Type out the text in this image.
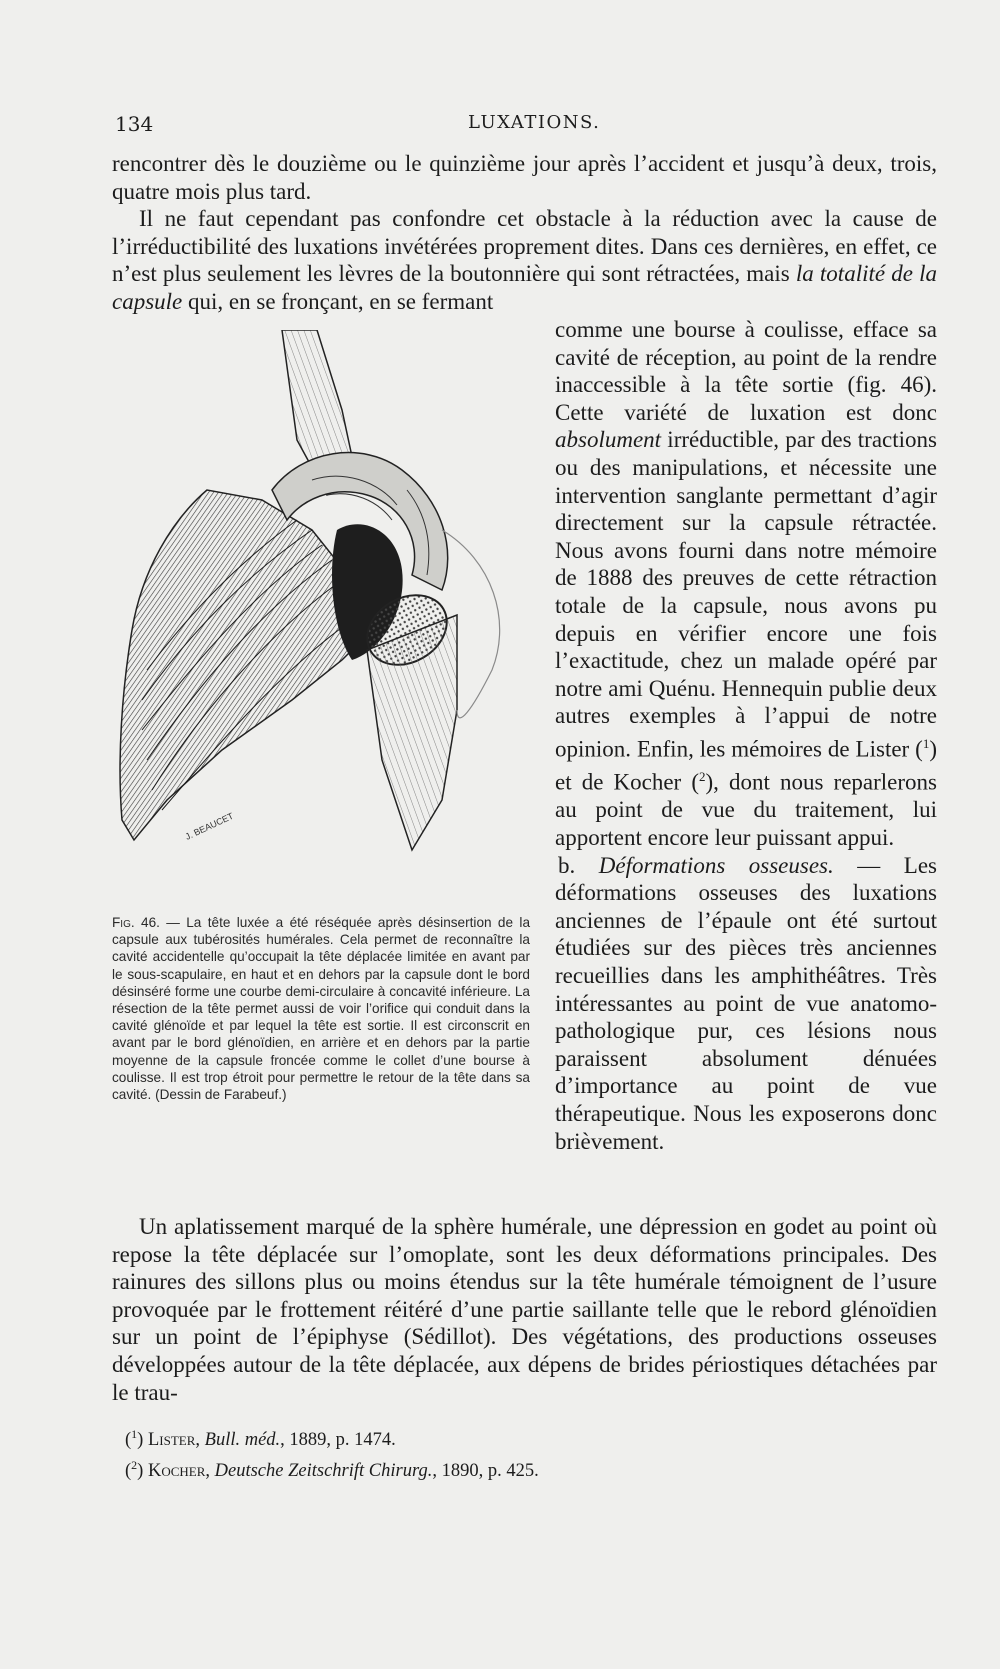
134	LUXATIONS.

rencontrer dès le douzième ou le quinzième jour après l’accident et jusqu’à deux, trois, quatre mois plus tard.

Il ne faut cependant pas confondre cet obstacle à la réduction avec la cause de l’irréductibilité des luxations invétérées proprement dites. Dans ces dernières, en effet, ce n’est plus seulement les lèvres de la boutonnière qui sont rétractées, mais la totalité de la capsule qui, en se fronçant, en se fermant

comme une bourse à coulisse, efface sa cavité de réception, au point de la rendre inaccessible à la tête sortie (fig. 46). Cette variété de luxation est donc absolument irréductible, par des tractions ou des manipulations, et nécessite une intervention sanglante permettant d’agir directement sur la capsule rétractée. Nous avons fourni dans notre mémoire de 1888 des preuves de cette rétraction totale de la capsule, nous avons pu depuis en vérifier encore une fois l’exactitude, chez un malade opéré par notre ami Quénu. Hennequin publie deux autres exemples à l’appui de notre opinion. Enfin, les mémoires de Lister ($^1$) et de Kocher ($^2$), dont nous reparlerons au point de vue du traitement, lui apportent encore leur puissant appui.

b. Déformations osseuses. — Les déformations osseuses des luxations anciennes de l’épaule ont été surtout étudiées sur des pièces très anciennes recueillies dans les amphithéâtres. Très intéressantes au point de vue anatomo-pathologique pur, ces lésions nous paraissent absolument dénuées d’importance au point de vue thérapeutique. Nous les exposerons donc brièvement.

J. BEAUCET

Fig. 46. — La tête luxée a été réséquée après désinsertion de la capsule aux tubérosités humérales. Cela permet de reconnaître la cavité accidentelle qu’occupait la tête déplacée limitée en avant par le sous-scapulaire, en haut et en dehors par la capsule dont le bord désinséré forme une courbe demi-circulaire à concavité inférieure. La résection de la tête permet aussi de voir l’orifice qui conduit dans la cavité glénoïde et par lequel la tête est sortie. Il est circonscrit en avant par le bord glénoïdien, en arrière et en dehors par la partie moyenne de la capsule froncée comme le collet d’une bourse à coulisse. Il est trop étroit pour permettre le retour de la tête dans sa cavité. (Dessin de Farabeuf.)

Un aplatissement marqué de la sphère humérale, une dépression en godet au point où repose la tête déplacée sur l’omoplate, sont les deux déformations principales. Des rainures des sillons plus ou moins étendus sur la tête humérale témoignent de l’usure provoquée par le frottement réitéré d’une partie saillante telle que le rebord glénoïdien sur un point de l’épiphyse (Sédillot). Des végétations, des productions osseuses développées autour de la tête déplacée, aux dépens de brides périostiques détachées par le trau-

($^1$) Lister, Bull. méd., 1889, p. 1474.
($^2$) Kocher, Deutsche Zeitschrift Chirurg., 1890, p. 425.
